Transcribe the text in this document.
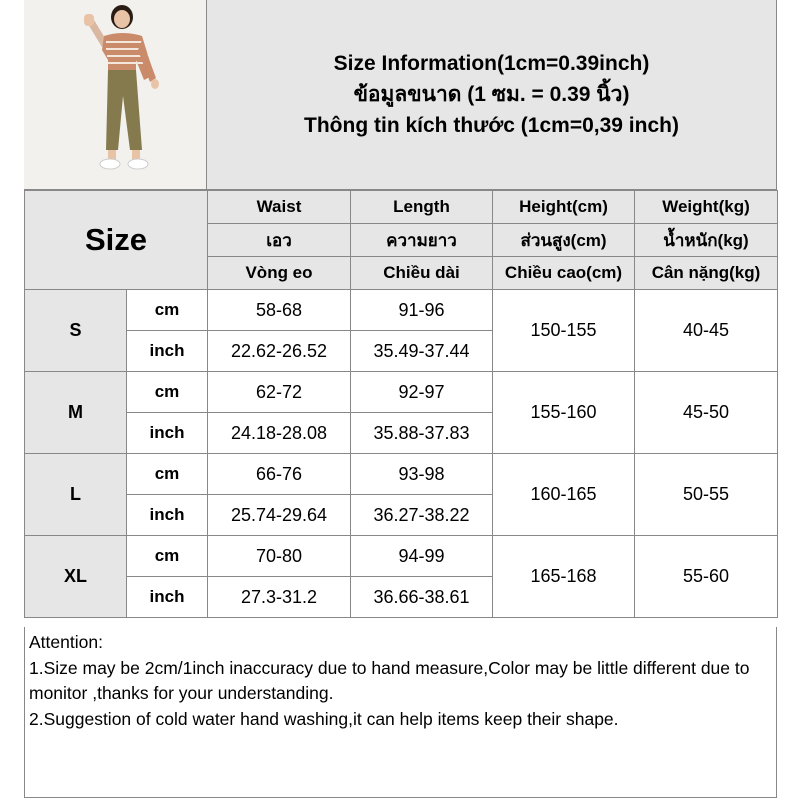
Size Information(1cm=0.39inch)
ข้อมูลขนาด (1 ซม. = 0.39 นิ้ว)
Thông tin kích thước (1cm=0,39 inch)
Size		Waist	Length	Height(cm)	Weight(kg)
		เอว	ความยาว	ส่วนสูง(cm)	น้ำหนัก(kg)
		Vòng eo	Chiều dài	Chiều cao(cm)	Cân nặng(kg)
S	cm	58-68	91-96	150-155	40-45
	inch	22.62-26.52	35.49-37.44		
M	cm	62-72	92-97	155-160	45-50
	inch	24.18-28.08	35.88-37.83		
L	cm	66-76	93-98	160-165	50-55
	inch	25.74-29.64	36.27-38.22		
XL	cm	70-80	94-99	165-168	55-60
	inch	27.3-31.2	36.66-38.61		

Attention:

1.Size may be 2cm/1inch inaccuracy due to hand measure,Color may be little different due to monitor ,thanks for your understanding.

2.Suggestion of cold water hand washing,it can help items keep their shape.
